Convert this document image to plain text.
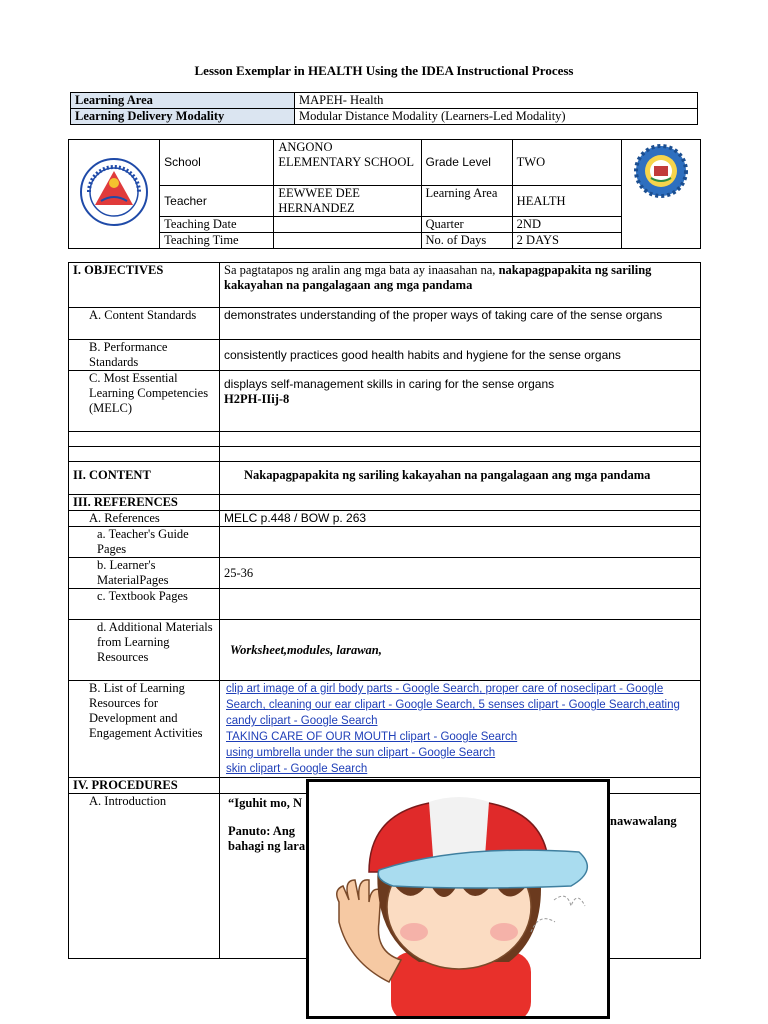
Lesson Exemplar in HEALTH Using the IDEA Instructional Process
Learning Area	MAPEH- Health
Learning Delivery Modality	Modular Distance Modality (Learners-Led Modality)
	School	ANGONO ELEMENTARY SCHOOL	Grade Level	TWO	
	Teacher	EEWWEE DEE HERNANDEZ	Learning Area	HEALTH	
	Teaching Date		Quarter	2ND	
	Teaching Time		No. of Days	2 DAYS	
I. OBJECTIVES	Sa pagtatapos ng aralin ang mga bata ay inaasahan na, nakapagpapakita ng sariling kakayahan na pangalagaan ang mga pandama
A. Content Standards	demonstrates understanding of the proper ways of taking care of the sense organs
B. Performance Standards	consistently practices good health habits and hygiene for the sense organs
C. Most Essential Learning Competencies (MELC)	displays self-management skills in caring for the sense organs
H2PH-IIij-8

II. CONTENT	Nakapagpapakita ng sariling kakayahan na pangalagaan ang mga pandama
III. REFERENCES	
A. References	MELC p.448 / BOW p. 263
a. Teacher's Guide Pages	
b. Learner's MaterialPages	25-36
c. Textbook Pages	
d. Additional Materials from Learning Resources	Worksheet,modules, larawan,
B. List of Learning Resources for Development and Engagement Activities	clip art image of a girl body parts - Google Search, proper care of noseclipart - Google Search, cleaning our ear clipart - Google Search, 5 senses clipart - Google Search,eating candy clipart - Google Search
TAKING CARE OF OUR MOUTH clipart - Google Search
using umbrella under the sun clipart - Google Search
skin clipart - Google Search
IV. PROCEDURES	
A. Introduction	“Iguhit mo, N
Panuto: Ang
bahagi ng lara
nawawalang
